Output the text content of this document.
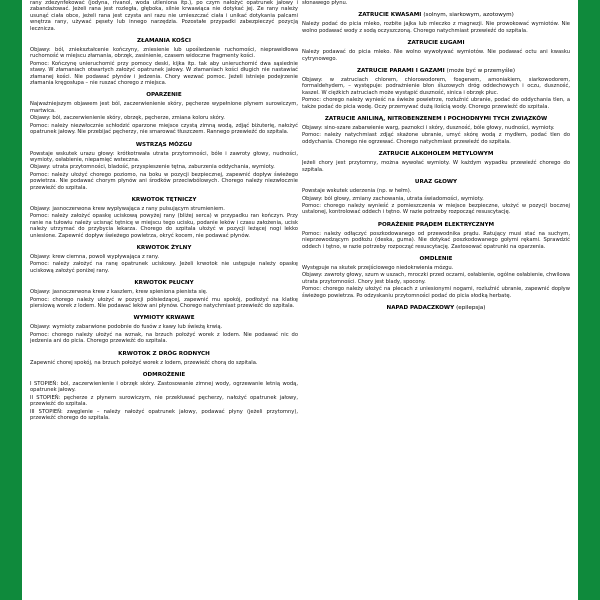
rany zdezynfekować (jodyna, rivanol, woda utleniona itp.), po czym nałożyć opatrunek jałowy i zabandażować. Jeżeli rana jest rozległa, głęboka, silnie krwawiąca nie dotykać jej. Ze rany należy usunąć ciała obce, jeżeli rana jest czysta ani razu nie umieszczać ciała i unikać dotykania palcami wnętrza rany, używać pęsety lub innego narzędzia. Pozostałe przypadki zabezpieczyć pozycją lecznicza.
ZŁAMANIA KOŚCI
Objawy: ból, zniekształcenie kończyny, zniesienie lub upośledzenie ruchomości, nieprawidłowa ruchomość w miejscu złamania, obrzęk, zasinienie, czasem widoczne fragmenty kości.
Pomoc: Kończynę unieruchomić przy pomocy deski, kijka itp. tak aby unieruchomić dwa sąsiednie stawy. W złamaniach otwartych założyć opatrunek jałowy. W złamaniach kości długich nie nastawiać złamanej kości. Nie podawać płynów i jedzenia. Chory wezwać pomoc. Jeżeli istnieje podejrzenie złamania kręgosłupa – nie ruszać chorego z miejsca.
OPARZENIE
Najważniejszym objawem jest ból, zaczerwienienie skóry, pęcherze wypełnione płynem surowiczym, martwica.
Objawy: ból, zaczerwienienie skóry, obrzęk, pęcherze, zmiana koloru skóry.
Pomoc: należy niezwłocznie schłodzić oparzone miejsce czystą zimną wodą, zdjąć biżuterię, nałożyć opatrunek jałowy. Nie przebijać pęcherzy, nie smarować tłuszczem. Rannego przewieźć do szpitala.
WSTRZĄS MÓZGU
Powstaje wskutek urazu głowy: krótkotrwała utrata przytomności, bóle i zawroty głowy, nudności, wymioty, osłabienie, niepamięć wsteczna.
Objawy: utrata przytomności, bladość, przyspieszenie tętna, zaburzenia oddychania, wymioty.
Pomoc: należy ułożyć chorego poziomo, na boku w pozycji bezpiecznej, zapewnić dopływ świeżego powietrza. Nie podawać chorym płynów ani środków przeciwbólowych. Chorego należy niezwłocznie przewieźć do szpitala.
KRWOTOK TĘTNICZY
Objawy: jasnoczerwona krew wypływająca z rany pulsującym strumieniem.
Pomoc: należy założyć opaskę uciskową powyżej rany (bliżej serca) w przypadku ran kończyn. Przy ranie na tułowiu należy ucisnąć tętnicę w miejscu tego ucisku, podanie leków i czasu założenia, ucisk należy utrzymać do przybycia lekarza. Chorego do szpitala ułożyć w pozycji leżącej nogi lekko uniesione. Zapewnić dopływ świeżego powietrza, okryć kocem, nie podawać płynów.
KRWOTOK ŻYLNY
Objawy: krew ciemna, powoli wypływająca z rany.
Pomoc: należy założyć na ranę opatrunek uciskowy. Jeżeli krwotok nie ustępuje należy opaskę uciskową założyć poniżej rany.
KRWOTOK PŁUCNY
Objawy: jasnoczerwona krew z kaszlem, krew spieniona pienista się.
Pomoc: chorego należy ułożyć w pozycji półsiedzącej, zapewnić mu spokój, podłożyć na klatkę piersiową worek z lodem. Nie podawać leków ani płynów. Chorego natychmiast przewieźć do szpitala.
WYMIOTY KRWAWE
Objawy: wymioty zabarwione podobnie do fusów z kawy lub świeżą krwią.
Pomoc: chorego należy ułożyć na wznak, na brzuch położyć worek z lodem. Nie podawać nic do jedzenia ani do picia. Chorego przewieźć do szpitala.
KRWOTOK Z DRÓG RODNYCH
Zapewnić chorej spokój, na brzuch położyć worek z lodem, przewieźć chorą do szpitala.
ODMROŻENIE
I STOPIEŃ: ból, zaczerwienienie i obrzęk skóry. Zastosowanie zimnej wody, ogrzewanie letnią wodą, opatrunek jałowy.
II STOPIEŃ: pęcherze z płynem surowiczym, nie przekłuwać pęcherzy, nałożyć opatrunek jałowy, przewieźć do szpitala.
III STOPIEŃ: zwęglenie – należy nałożyć opatrunek jałowy, podawać płyny (jeżeli przytomny), przewieźć chorego do szpitala.
słonawego płynu.
ZATRUCIE KWASAMI (solnym, siarkowym, azotowym)
Należy podać do picia mleko, rozbite jajka lub mleczko z magnezji. Nie prowokować wymiotów. Nie wolno podawać wody z sodą oczyszczoną. Chorego natychmiast przewieźć do szpitala.
ZATRUCIE ŁUGAMI
Należy podawać do picia mleko. Nie wolno wywoływać wymiotów. Nie podawać octu ani kwasku cytrynowego.
ZATRUCIE PARAMI I GAZAMI (może być w przemyśle)
Objawy: w zatruciach chlorem, chlorowodorem, fosgenem, amoniakiem, siarkowodorem, formaldehydem, – występuje: podrażnienie błon śluzowych dróg oddechowych i oczu, duszność, kaszel. W ciężkich zatruciach może wystąpić duszność, sinica i obrzęk płuc.
Pomoc: chorego należy wynieść na świeże powietrze, rozluźnić ubranie, podać do oddychania tlen, a także podać do picia wodę. Oczy przemywać dużą ilością wody. Chorego przewieźć do szpitala.
ZATRUCIE ANILINĄ, NITROBENZENEM I POCHODNYMI TYCH ZWIĄZKÓW
Objawy: sino-szare zabarwienie warg, paznokci i skóry, duszność, bóle głowy, nudności, wymioty.
Pomoc: należy natychmiast zdjąć skażone ubranie, umyć skórę wodą z mydłem, podać tlen do oddychania. Chorego nie ogrzewać. Chorego natychmiast przewieźć do szpitala.
ZATRUCIE ALKOHOLEM METYLOWYM
Jeżeli chory jest przytomny, można wywołać wymioty. W każdym wypadku przewieźć chorego do szpitala.
URAZ GŁOWY
Powstaje wskutek uderzenia (np. w hełm).
Objawy: ból głowy, zmiany zachowania, utrata świadomości, wymioty.
Pomoc: chorego należy wynieść z pomieszczenia w miejsce bezpieczne, ułożyć w pozycji bocznej ustalonej, kontrolować oddech i tętno. W razie potrzeby rozpocząć resuscytację.
PORAŻENIE PRĄDEM ELEKTRYCZNYM
Pomoc: należy odłączyć poszkodowanego od przewodnika prądu. Ratujący musi stać na suchym, nieprzewodzącym podłożu (deska, guma). Nie dotykać poszkodowanego gołymi rękami. Sprawdzić oddech i tętno, w razie potrzeby rozpocząć resuscytację. Zastosować opatrunki na oparzenia.
OMDLENIE
Występuje na skutek przejściowego niedokrwienia mózgu.
Objawy: zawroty głowy, szum w uszach, mroczki przed oczami, osłabienie, ogólne osłabienie, chwilowa utrata przytomności. Chory jest blady, spocony.
Pomoc: chorego należy ułożyć na plecach z uniesionymi nogami, rozluźnić ubranie, zapewnić dopływ świeżego powietrza. Po odzyskaniu przytomności podać do picia słodką herbatę.
NAPAD PADACZKOWY (epilepsja)
